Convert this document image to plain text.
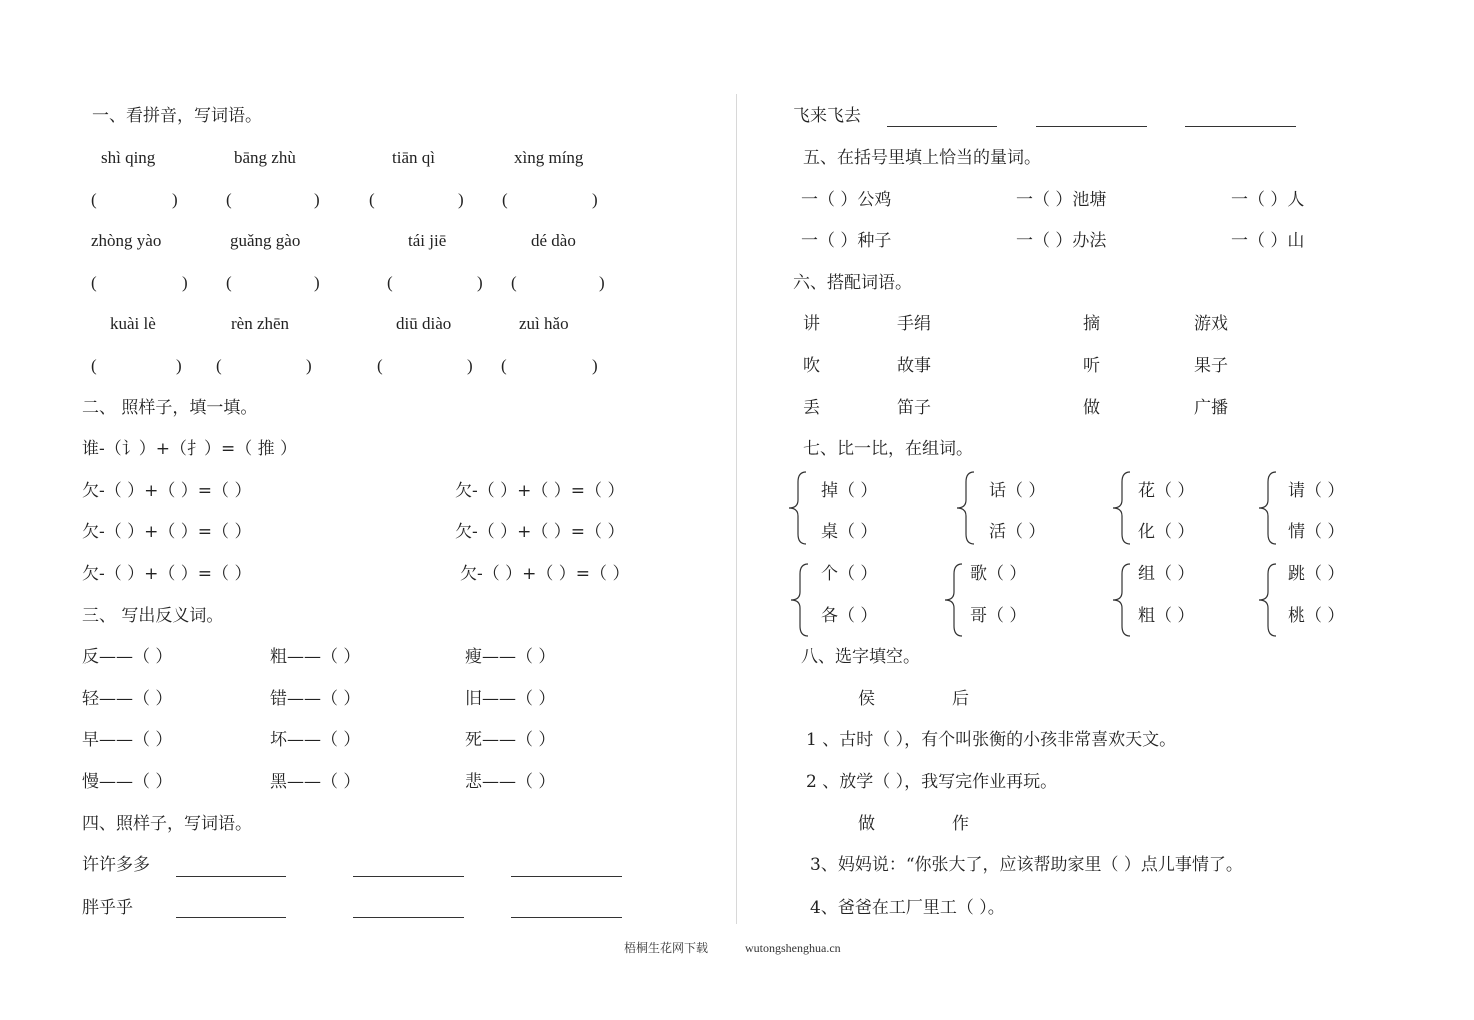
一、看拼音，写词语。
shì qing	bāng zhù	tiān qì	xìng míng
(	)	(	)	(	) (	)
zhòng yào	guǎng gào	tái jiē	dé dào
(	) (	)	(	) (	)
kuài lè	rèn zhēn	diū diào	zuì hǎo
(	) (	)	(	) (	)
二、 照样子，填一填。
谁-（讠）+（扌）=（ 推 ）
欠-（ ）+（ ）=（ ）	欠-（ ）+（ ）=（ ）
欠-（ ）+（ ）=（ ）	欠-（ ）+（ ）=（ ）
欠-（ ）+（ ）=（ ）	欠-（ ）+（ ）=（ ）
三、 写出反义词。
反——（ ）	粗——（ ）	瘦——（ ）
轻——（ ）	错——（ ）	旧——（ ）
早——（ ）	坏——（ ）	死——（ ）
慢——（ ）	黑——（ ）	悲——（ ）
四、照样子，写词语。
许许多多
胖乎乎
飞来飞去
五、在括号里填上恰当的量词。
一（ ）公鸡	一（ ）池塘	一（ ）人
一（ ）种子	一（ ）办法	一（ ）山
六、搭配词语。
讲	手绢	摘	游戏
吹	故事	听	果子
丢	笛子	做	广播
七、比一比，在组词。
掉（ ）
桌（ ）
话（ ）
活（ ）
花（ ）
化（ ）
请（ ）
情（ ）
个（ ）
各（ ）
歌（ ）
哥（ ）
组（ ）
粗（ ）
跳（ ）
桃（ ）
八、选字填空。
侯	后
1 、古时（ ），有个叫张衡的小孩非常喜欢天文。
2 、放学（ ），我写完作业再玩。
做	作
3、妈妈说：“你张大了，应该帮助家里（ ）点儿事情了。
4、爸爸在工厂里工（ ）。
梧桐生花网下载	wutongshenghua.cn
